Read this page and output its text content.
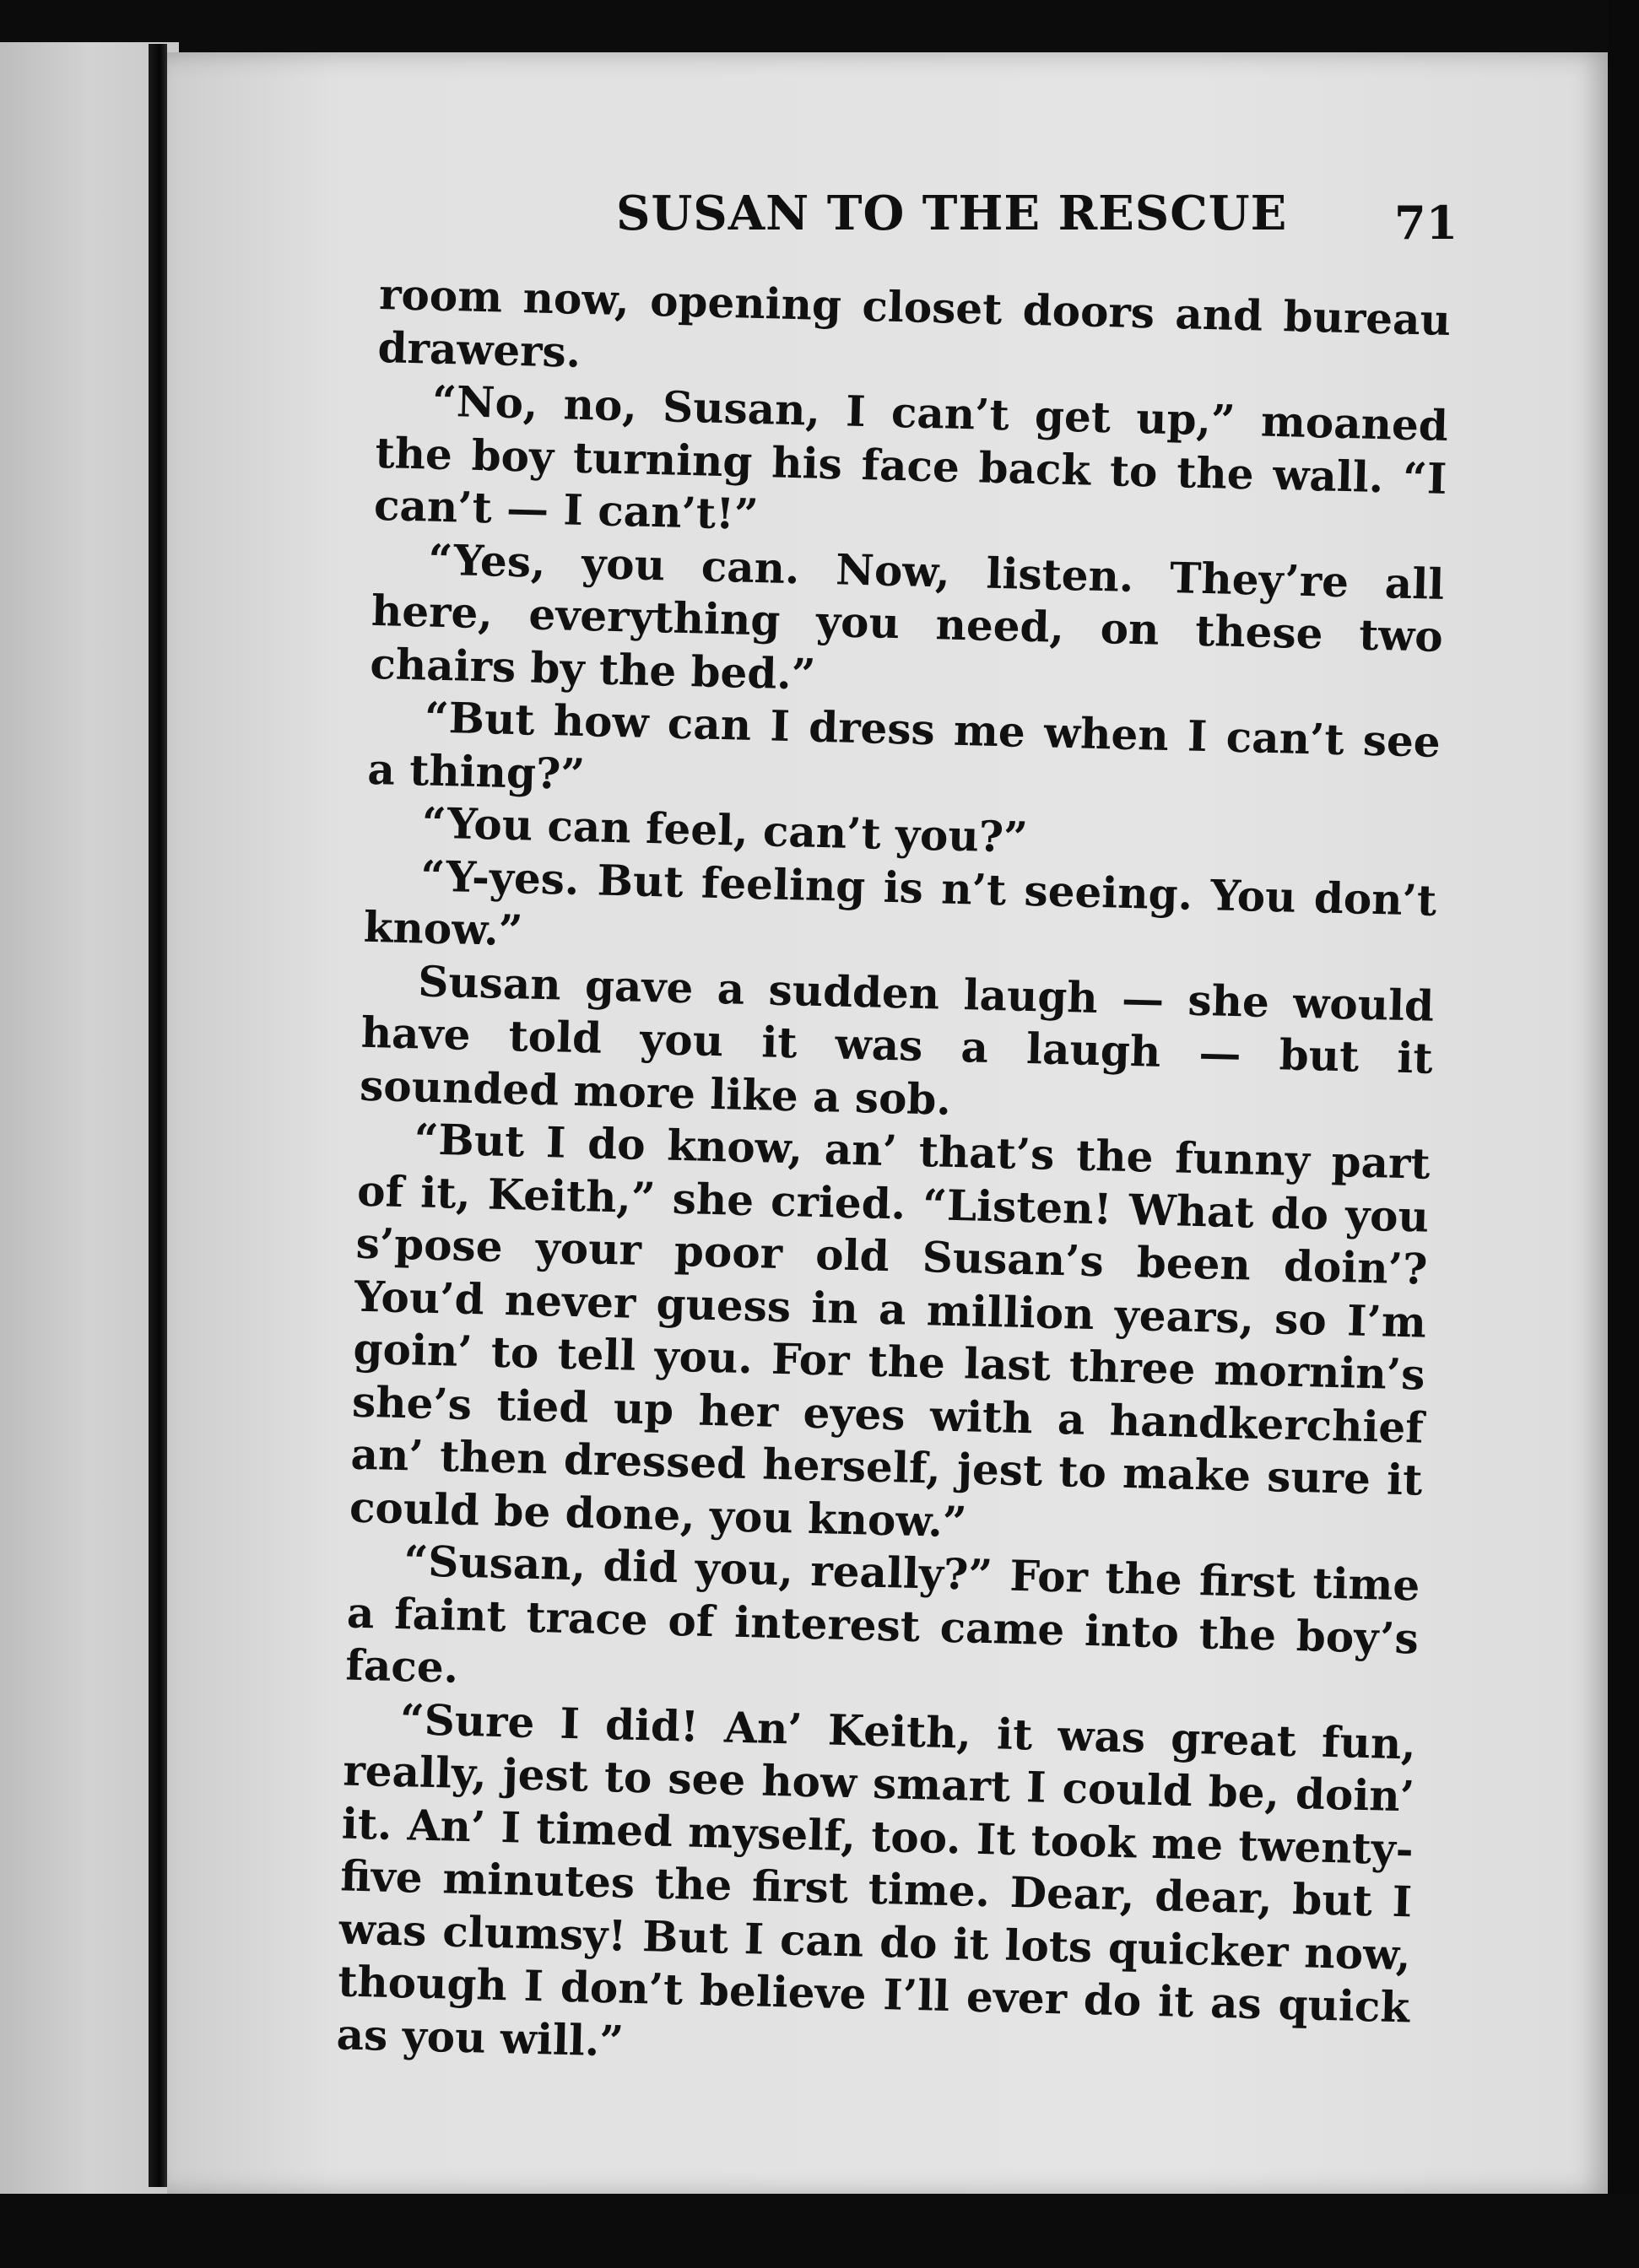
SUSAN TO THE RESCUE 71

room now, opening closet doors and bureau drawers.

“No, no, Susan, I can’t get up,” moaned the boy turning his face back to the wall. “I can’t — I can’t!”

“Yes, you can. Now, listen. They’re all here, everything you need, on these two chairs by the bed.”

“But how can I dress me when I can’t see a thing?”

“You can feel, can’t you?”

“Y-yes. But feeling is n’t seeing. You don’t know.”

Susan gave a sudden laugh — she would have told you it was a laugh — but it sounded more like a sob.

“But I do know, an’ that’s the funny part of it, Keith,” she cried. “Listen! What do you s’pose your poor old Susan’s been doin’? You’d never guess in a million years, so I’m goin’ to tell you. For the last three mornin’s she’s tied up her eyes with a handkerchief an’ then dressed herself, jest to make sure it could be done, you know.”

“Susan, did you, really?” For the first time a faint trace of interest came into the boy’s face.

“Sure I did! An’ Keith, it was great fun, really, jest to see how smart I could be, doin’ it. An’ I timed myself, too. It took me twenty-five minutes the first time. Dear, dear, but I was clumsy! But I can do it lots quicker now, though I don’t believe I’ll ever do it as quick as you will.”
